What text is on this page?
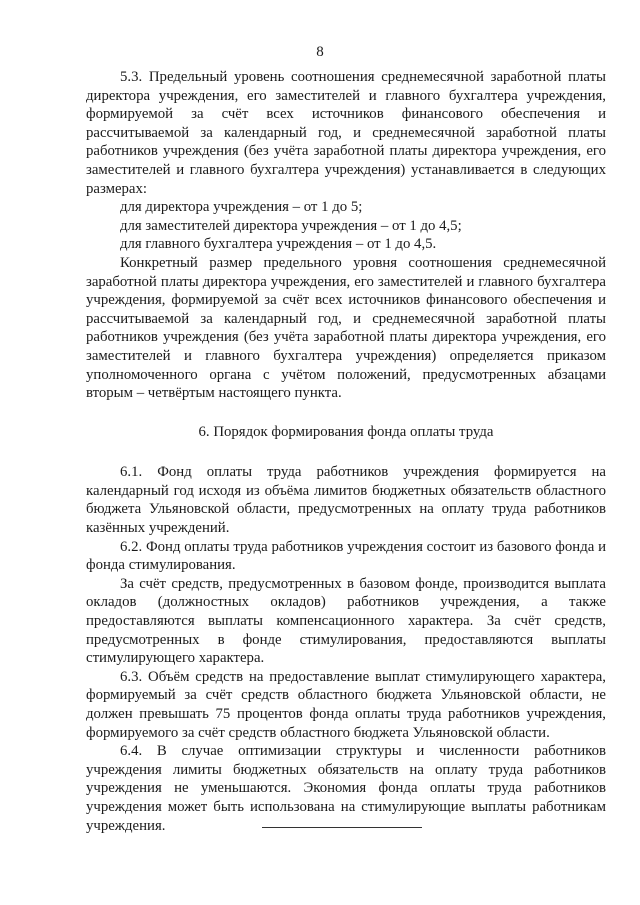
8

5.3. Предельный уровень соотношения среднемесячной заработной платы директора учреждения, его заместителей и главного бухгалтера учреждения, формируемой за счёт всех источников финансового обеспечения и рассчитываемой за календарный год, и среднемесячной заработной платы работников учреждения (без учёта заработной платы директора учреждения, его заместителей и главного бухгалтера учреждения) устанавливается в следующих размерах:

для директора учреждения – от 1 до 5;

для заместителей директора учреждения – от 1 до 4,5;

для главного бухгалтера учреждения – от 1 до 4,5.

Конкретный размер предельного уровня соотношения среднемесячной заработной платы директора учреждения, его заместителей и главного бухгалтера учреждения, формируемой за счёт всех источников финансового обеспечения и рассчитываемой за календарный год, и среднемесячной заработной платы работников учреждения (без учёта заработной платы директора учреждения, его заместителей и главного бухгалтера учреждения) определяется приказом уполномоченного органа с учётом положений, предусмотренных абзацами вторым – четвёртым настоящего пункта.

6. Порядок формирования фонда оплаты труда

6.1. Фонд оплаты труда работников учреждения формируется на календарный год исходя из объёма лимитов бюджетных обязательств областного бюджета Ульяновской области, предусмотренных на оплату труда работников казённых учреждений.

6.2. Фонд оплаты труда работников учреждения состоит из базового фонда и фонда стимулирования.

За счёт средств, предусмотренных в базовом фонде, производится выплата окладов (должностных окладов) работников учреждения, а также предоставляются выплаты компенсационного характера. За счёт средств, предусмотренных в фонде стимулирования, предоставляются выплаты стимулирующего характера.

6.3. Объём средств на предоставление выплат стимулирующего характера, формируемый за счёт средств областного бюджета Ульяновской области, не должен превышать 75 процентов фонда оплаты труда работников учреждения, формируемого за счёт средств областного бюджета Ульяновской области.

6.4. В случае оптимизации структуры и численности работников учреждения лимиты бюджетных обязательств на оплату труда работников учреждения не уменьшаются. Экономия фонда оплаты труда работников учреждения может быть использована на стимулирующие выплаты работникам учреждения.
